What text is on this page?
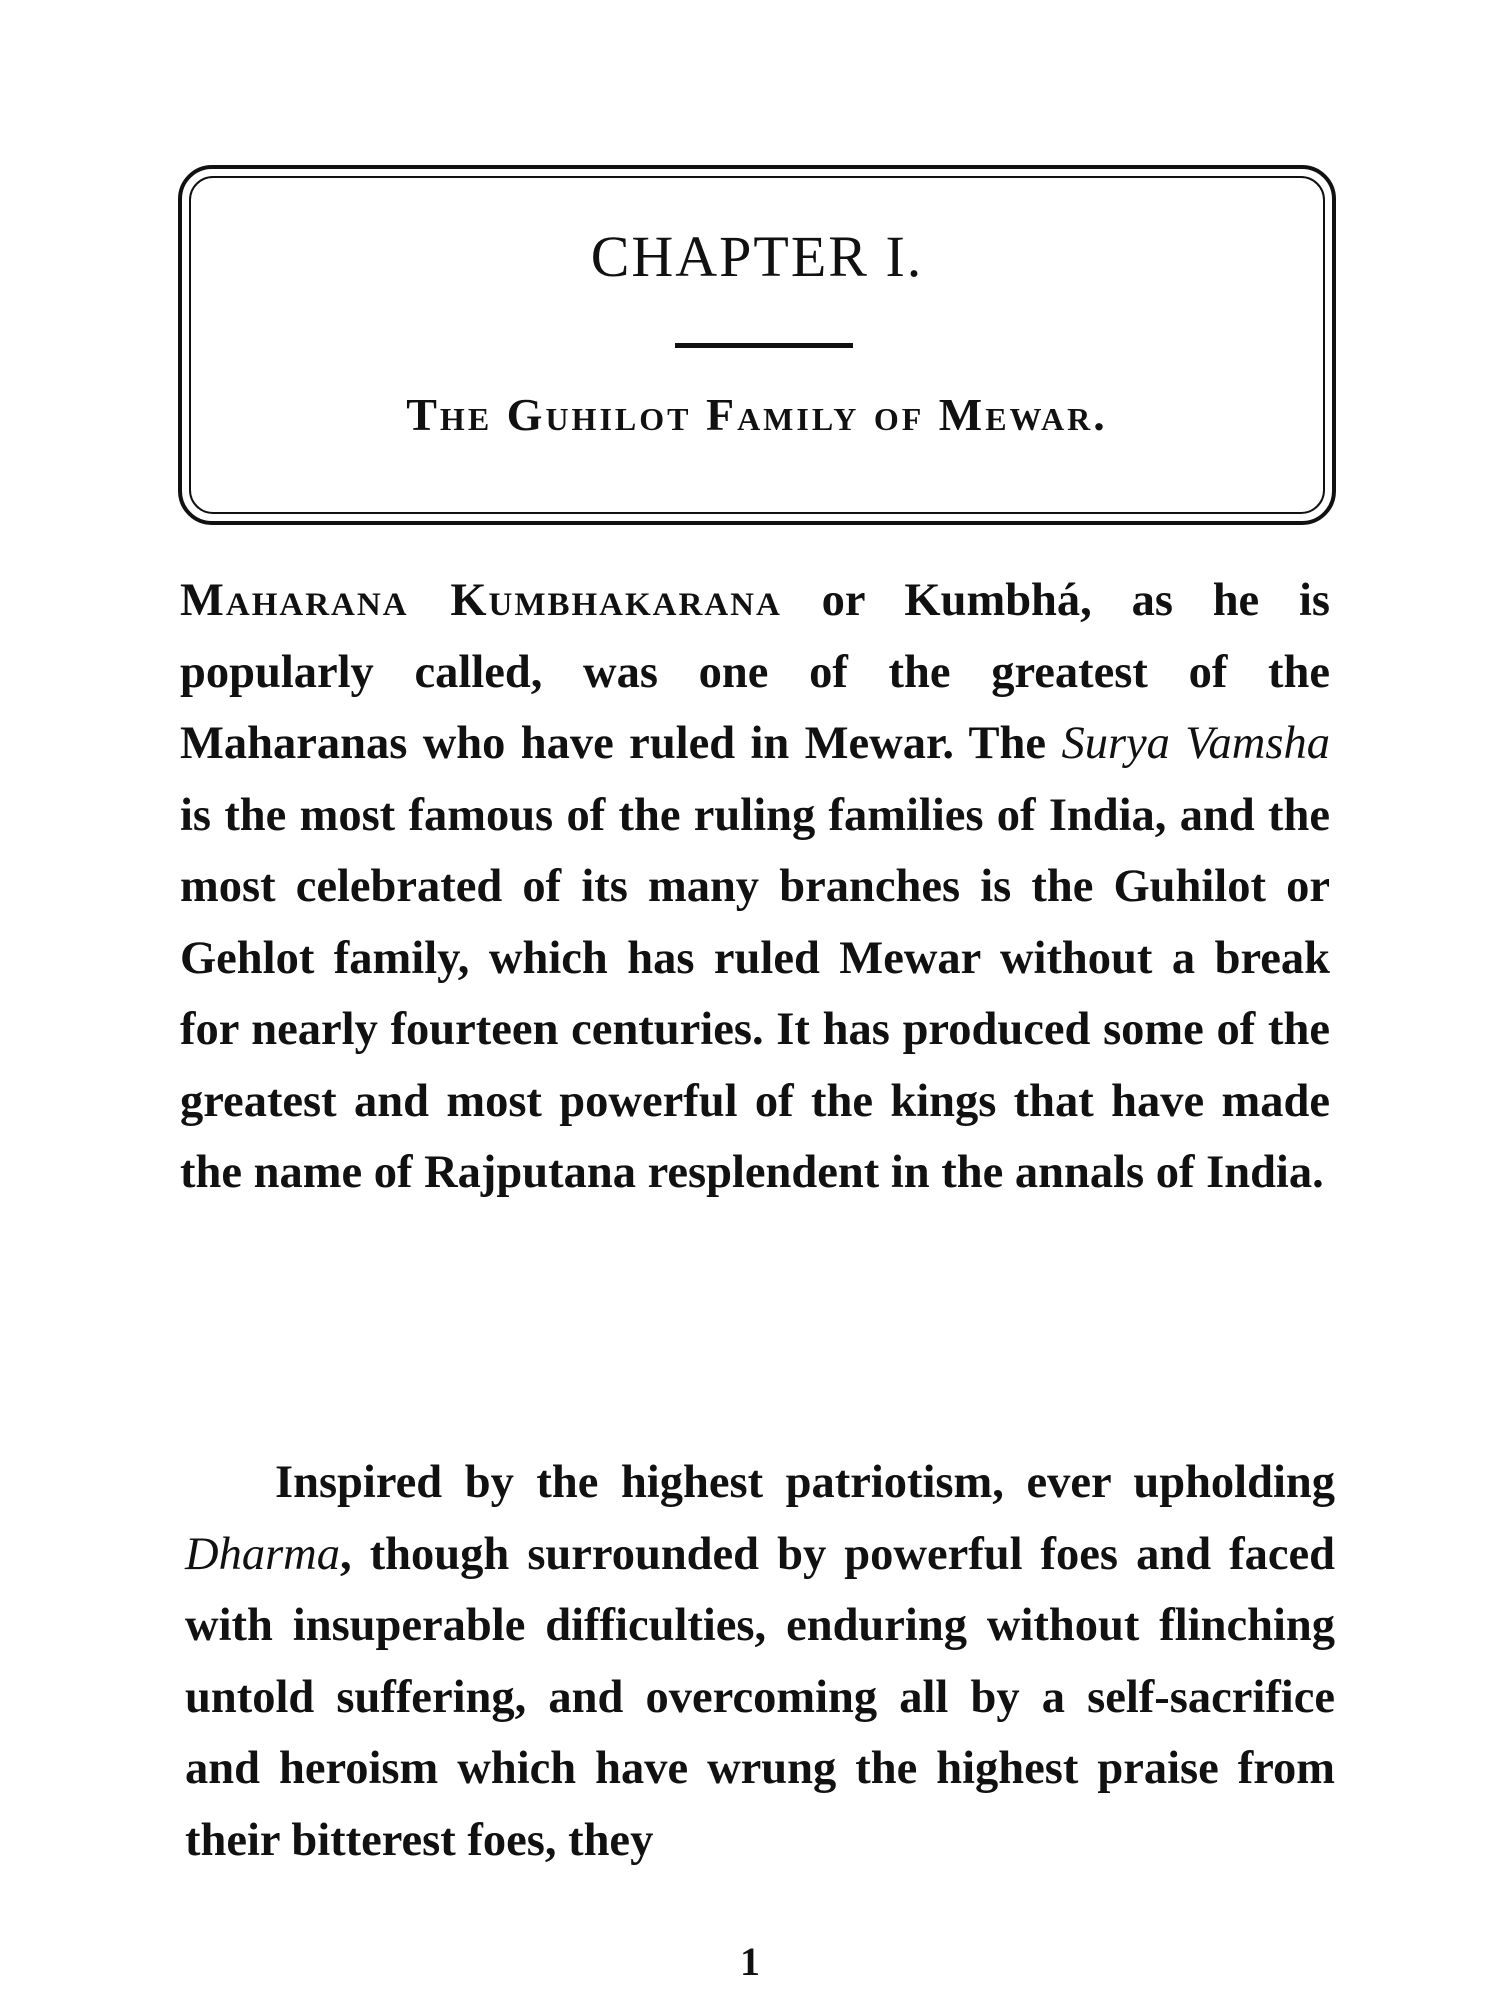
CHAPTER I.
The Guhilot Family of Mewar.

Maharana Kumbhakarana or Kumbhá, as he is popularly called, was one of the greatest of the Maharanas who have ruled in Mewar. The Surya Vamsha is the most famous of the ruling families of India, and the most celebrated of its many branches is the Guhilot or Gehlot family, which has ruled Mewar without a break for nearly fourteen centuries. It has produced some of the greatest and most powerful of the kings that have made the name of Rajputana resplendent in the annals of India.

Inspired by the highest patriotism, ever upholding Dharma, though surrounded by powerful foes and faced with insuperable difficulties, enduring without flinching untold suffering, and overcoming all by a self-sacrifice and heroism which have wrung the highest praise from their bitterest foes, they

1
